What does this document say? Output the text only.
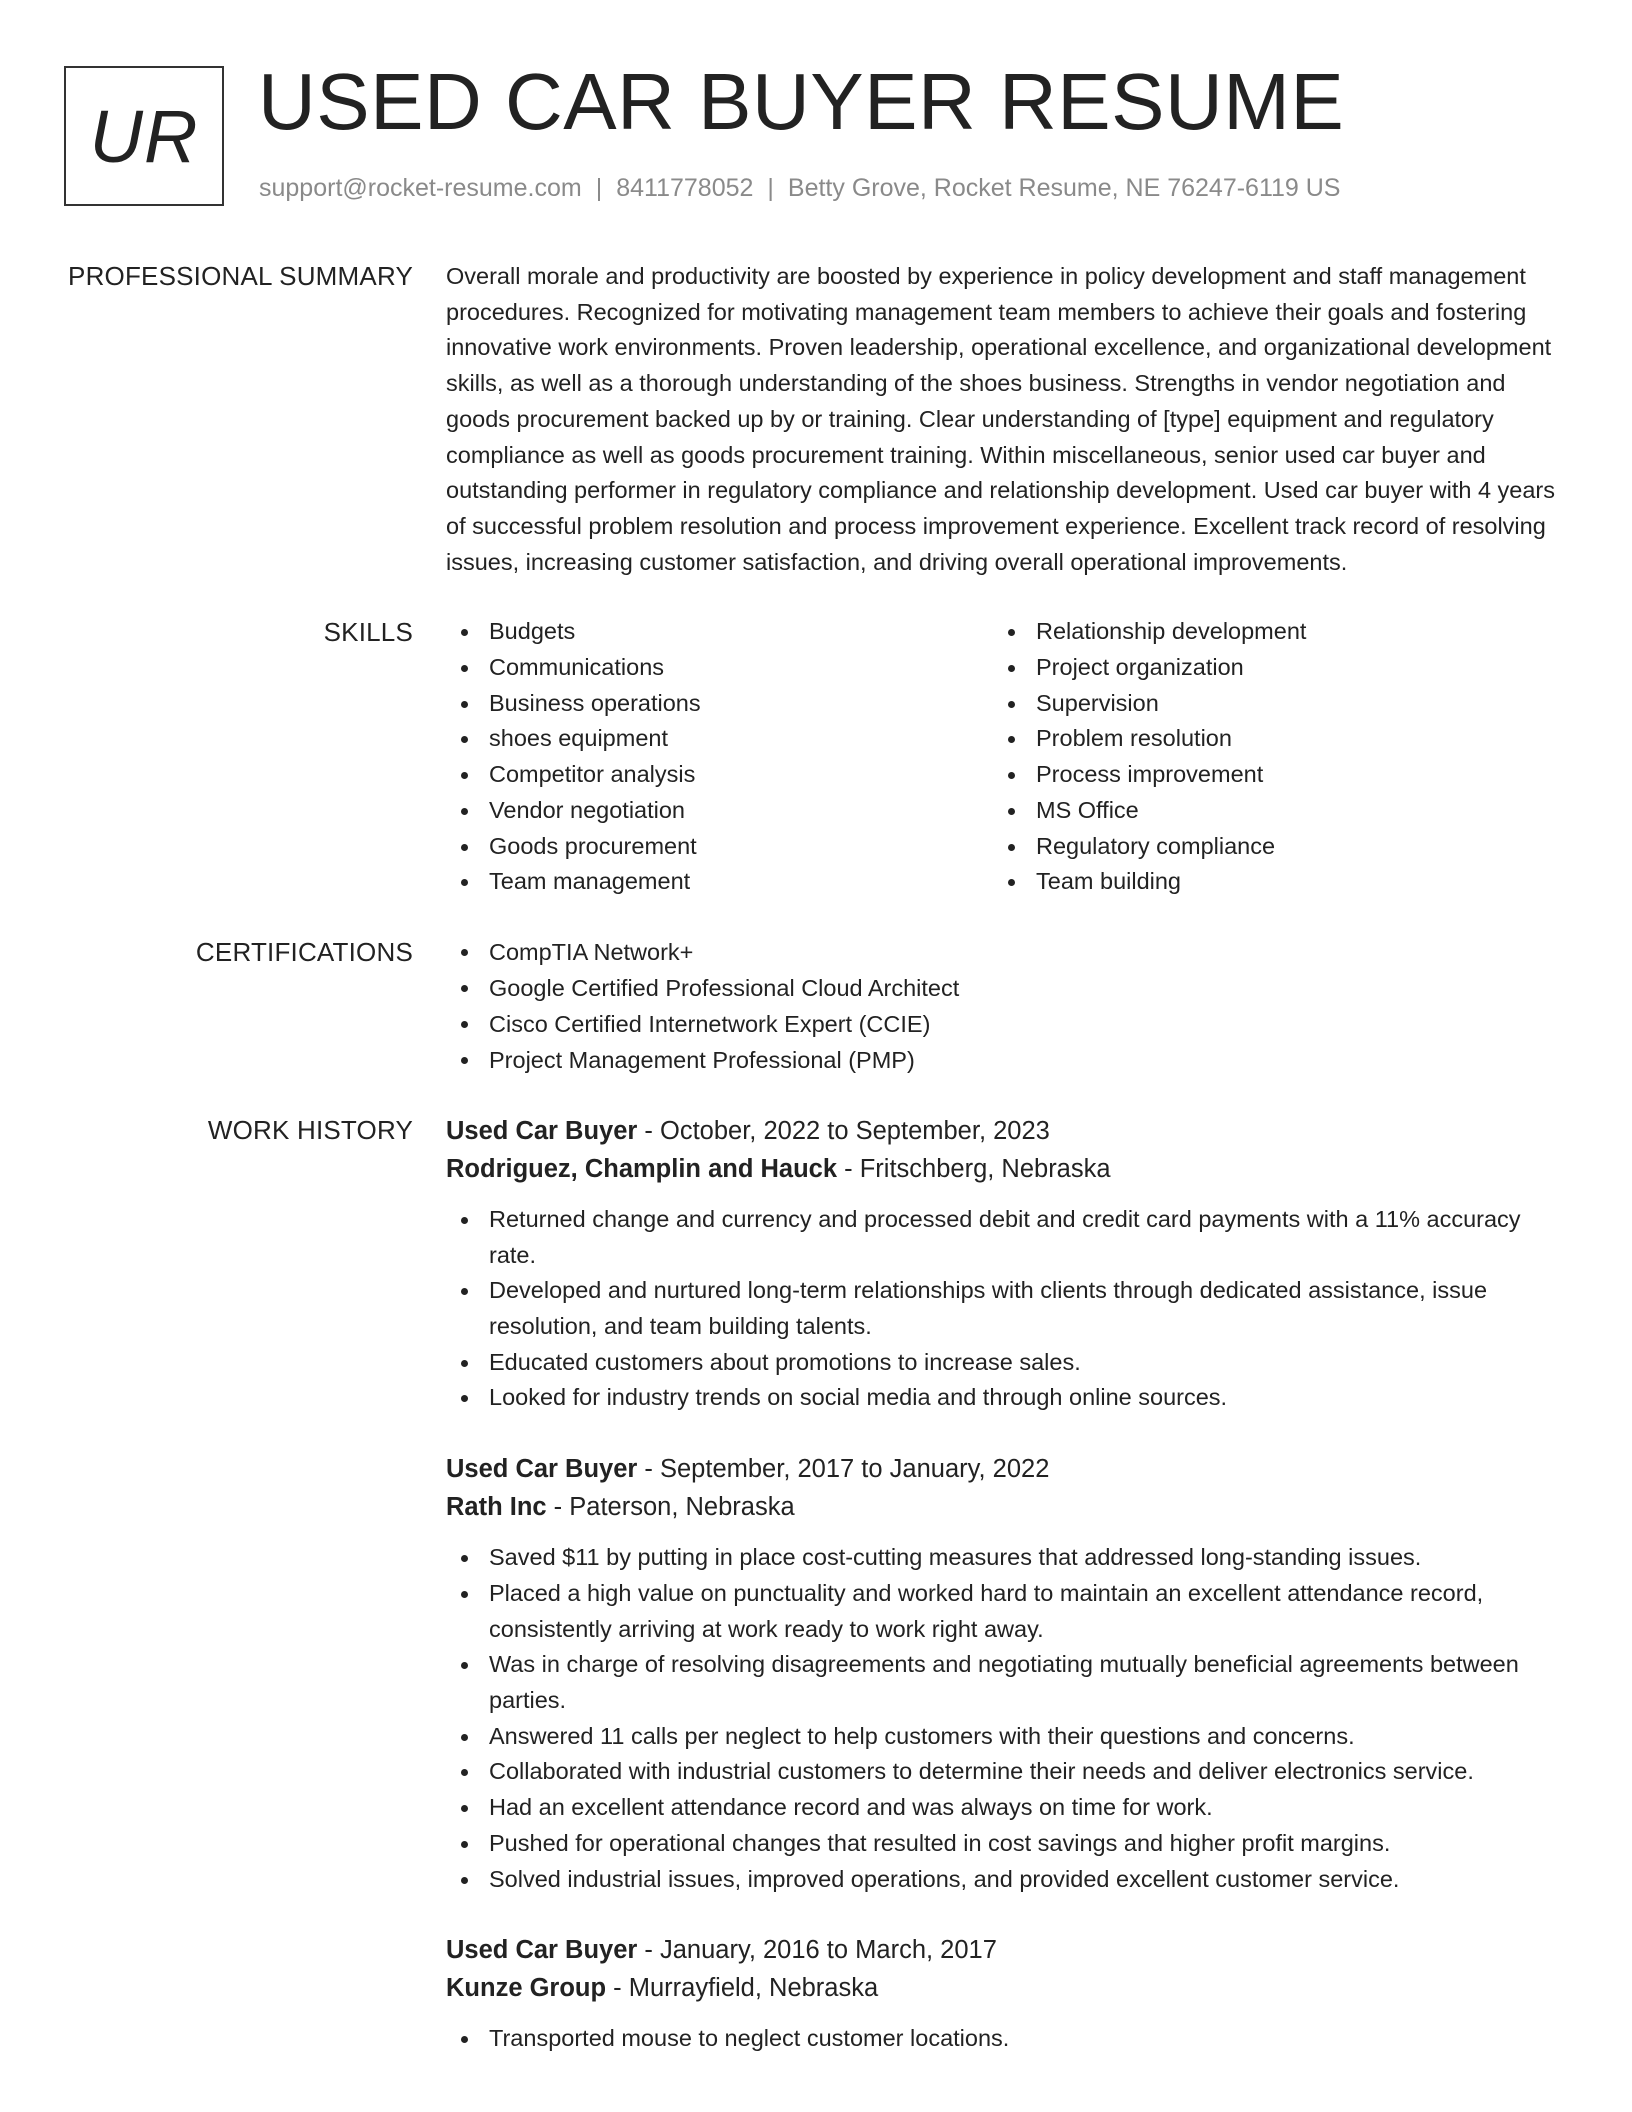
UR USED CAR BUYER RESUME
support@rocket-resume.com | 8411778052 | Betty Grove, Rocket Resume, NE 76247-6119 US
PROFESSIONAL SUMMARY Overall morale and productivity are boosted by experience in policy development and staff management procedures. Recognized for motivating management team members to achieve their goals and fostering innovative work environments. Proven leadership, operational excellence, and organizational development skills, as well as a thorough understanding of the shoes business. Strengths in vendor negotiation and goods procurement backed up by or training. Clear understanding of [type] equipment and regulatory compliance as well as goods procurement training. Within miscellaneous, senior used car buyer and outstanding performer in regulatory compliance and relationship development. Used car buyer with 4 years of successful problem resolution and process improvement experience. Excellent track record of resolving issues, increasing customer satisfaction, and driving overall operational improvements.

SKILLS	Budgets
Communications
Business operations
shoes equipment
Competitor analysis
Vendor negotiation
Goods procurement
Team management
Relationship development
Project organization
Supervision
Problem resolution
Process improvement
MS Office
Regulatory compliance
Team building
CERTIFICATIONS	CompTIA Network+
Google Certified Professional Cloud Architect
Cisco Certified Internetwork Expert (CCIE)
Project Management Professional (PMP)
WORK HISTORY Used Car Buyer - October, 2022 to September, 2023
Rodriguez, Champlin and Hauck - Fritschberg, Nebraska
Returned change and currency and processed debit and credit card payments with a 11% accuracy rate.
Developed and nurtured long-term relationships with clients through dedicated assistance, issue resolution, and team building talents.
Educated customers about promotions to increase sales.
Looked for industry trends on social media and through online sources.
Used Car Buyer - September, 2017 to January, 2022
Rath Inc - Paterson, Nebraska
Saved $11 by putting in place cost-cutting measures that addressed long-standing issues.
Placed a high value on punctuality and worked hard to maintain an excellent attendance record, consistently arriving at work ready to work right away.
Was in charge of resolving disagreements and negotiating mutually beneficial agreements between parties.
Answered 11 calls per neglect to help customers with their questions and concerns.
Collaborated with industrial customers to determine their needs and deliver electronics service.
Had an excellent attendance record and was always on time for work.
Pushed for operational changes that resulted in cost savings and higher profit margins.
Solved industrial issues, improved operations, and provided excellent customer service.
Used Car Buyer - January, 2016 to March, 2017
Kunze Group - Murrayfield, Nebraska
Transported mouse to neglect customer locations.
